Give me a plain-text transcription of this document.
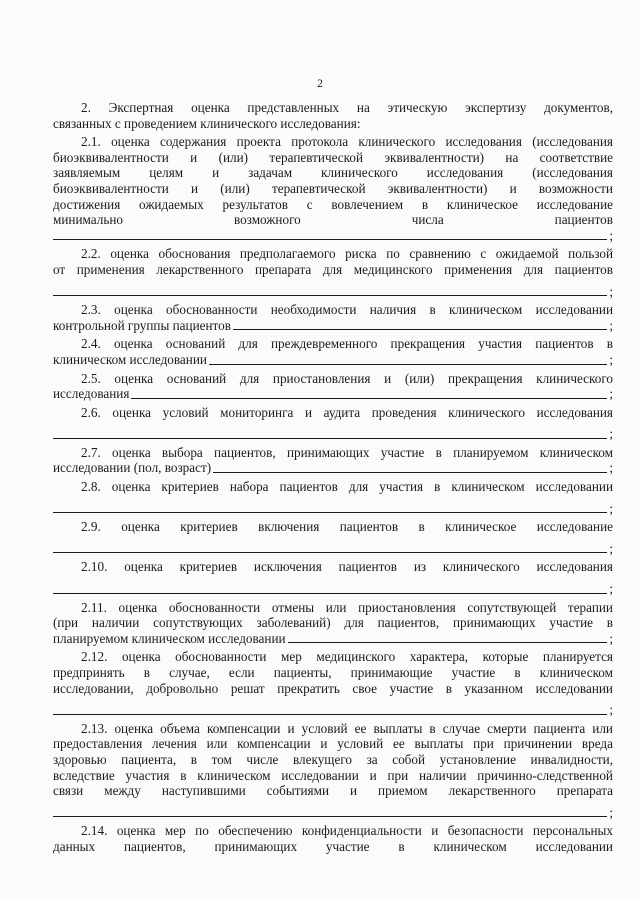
2
2. Экспертная оценка представленных на этическую экспертизу документов,
связанных с проведением клинического исследования:
2.1. оценка содержания проекта протокола клинического исследования (исследования
биоэквивалентности и (или) терапевтической эквивалентности) на соответствие
заявляемым целям и задачам клинического исследования (исследования
биоэквивалентности и (или) терапевтической эквивалентности) и возможности
достижения ожидаемых результатов с вовлечением в клиническое исследование
минимально возможного числа пациентов
;
2.2. оценка обоснования предполагаемого риска по сравнению с ожидаемой пользой
от применения лекарственного препарата для медицинского применения для пациентов
;
2.3. оценка обоснованности необходимости наличия в клиническом исследовании
контрольной группы пациентов	;
2.4. оценка оснований для преждевременного прекращения участия пациентов в
клиническом исследовании	;
2.5. оценка оснований для приостановления и (или) прекращения клинического
исследования	;
2.6. оценка условий мониторинга и аудита проведения клинического исследования
;
2.7. оценка выбора пациентов, принимающих участие в планируемом клиническом
исследовании (пол, возраст)	;
2.8. оценка критериев набора пациентов для участия в клиническом исследовании
;
2.9. оценка критериев включения пациентов в клиническое исследование
;
2.10. оценка критериев исключения пациентов из клинического исследования
;
2.11. оценка обоснованности отмены или приостановления сопутствующей терапии
(при наличии сопутствующих заболеваний) для пациентов, принимающих участие в
планируемом клиническом исследовании	;
2.12. оценка обоснованности мер медицинского характера, которые планируется
предпринять в случае, если пациенты, принимающие участие в клиническом
исследовании, добровольно решат прекратить свое участие в указанном исследовании
;
2.13. оценка объема компенсации и условий ее выплаты в случае смерти пациента или
предоставления лечения или компенсации и условий ее выплаты при причинении вреда
здоровью пациента, в том числе влекущего за собой установление инвалидности,
вследствие участия в клиническом исследовании и при наличии причинно-следственной
связи между наступившими событиями и приемом лекарственного препарата
;
2.14. оценка мер по обеспечению конфиденциальности и безопасности персональных
данных пациентов, принимающих участие в клиническом исследовании
